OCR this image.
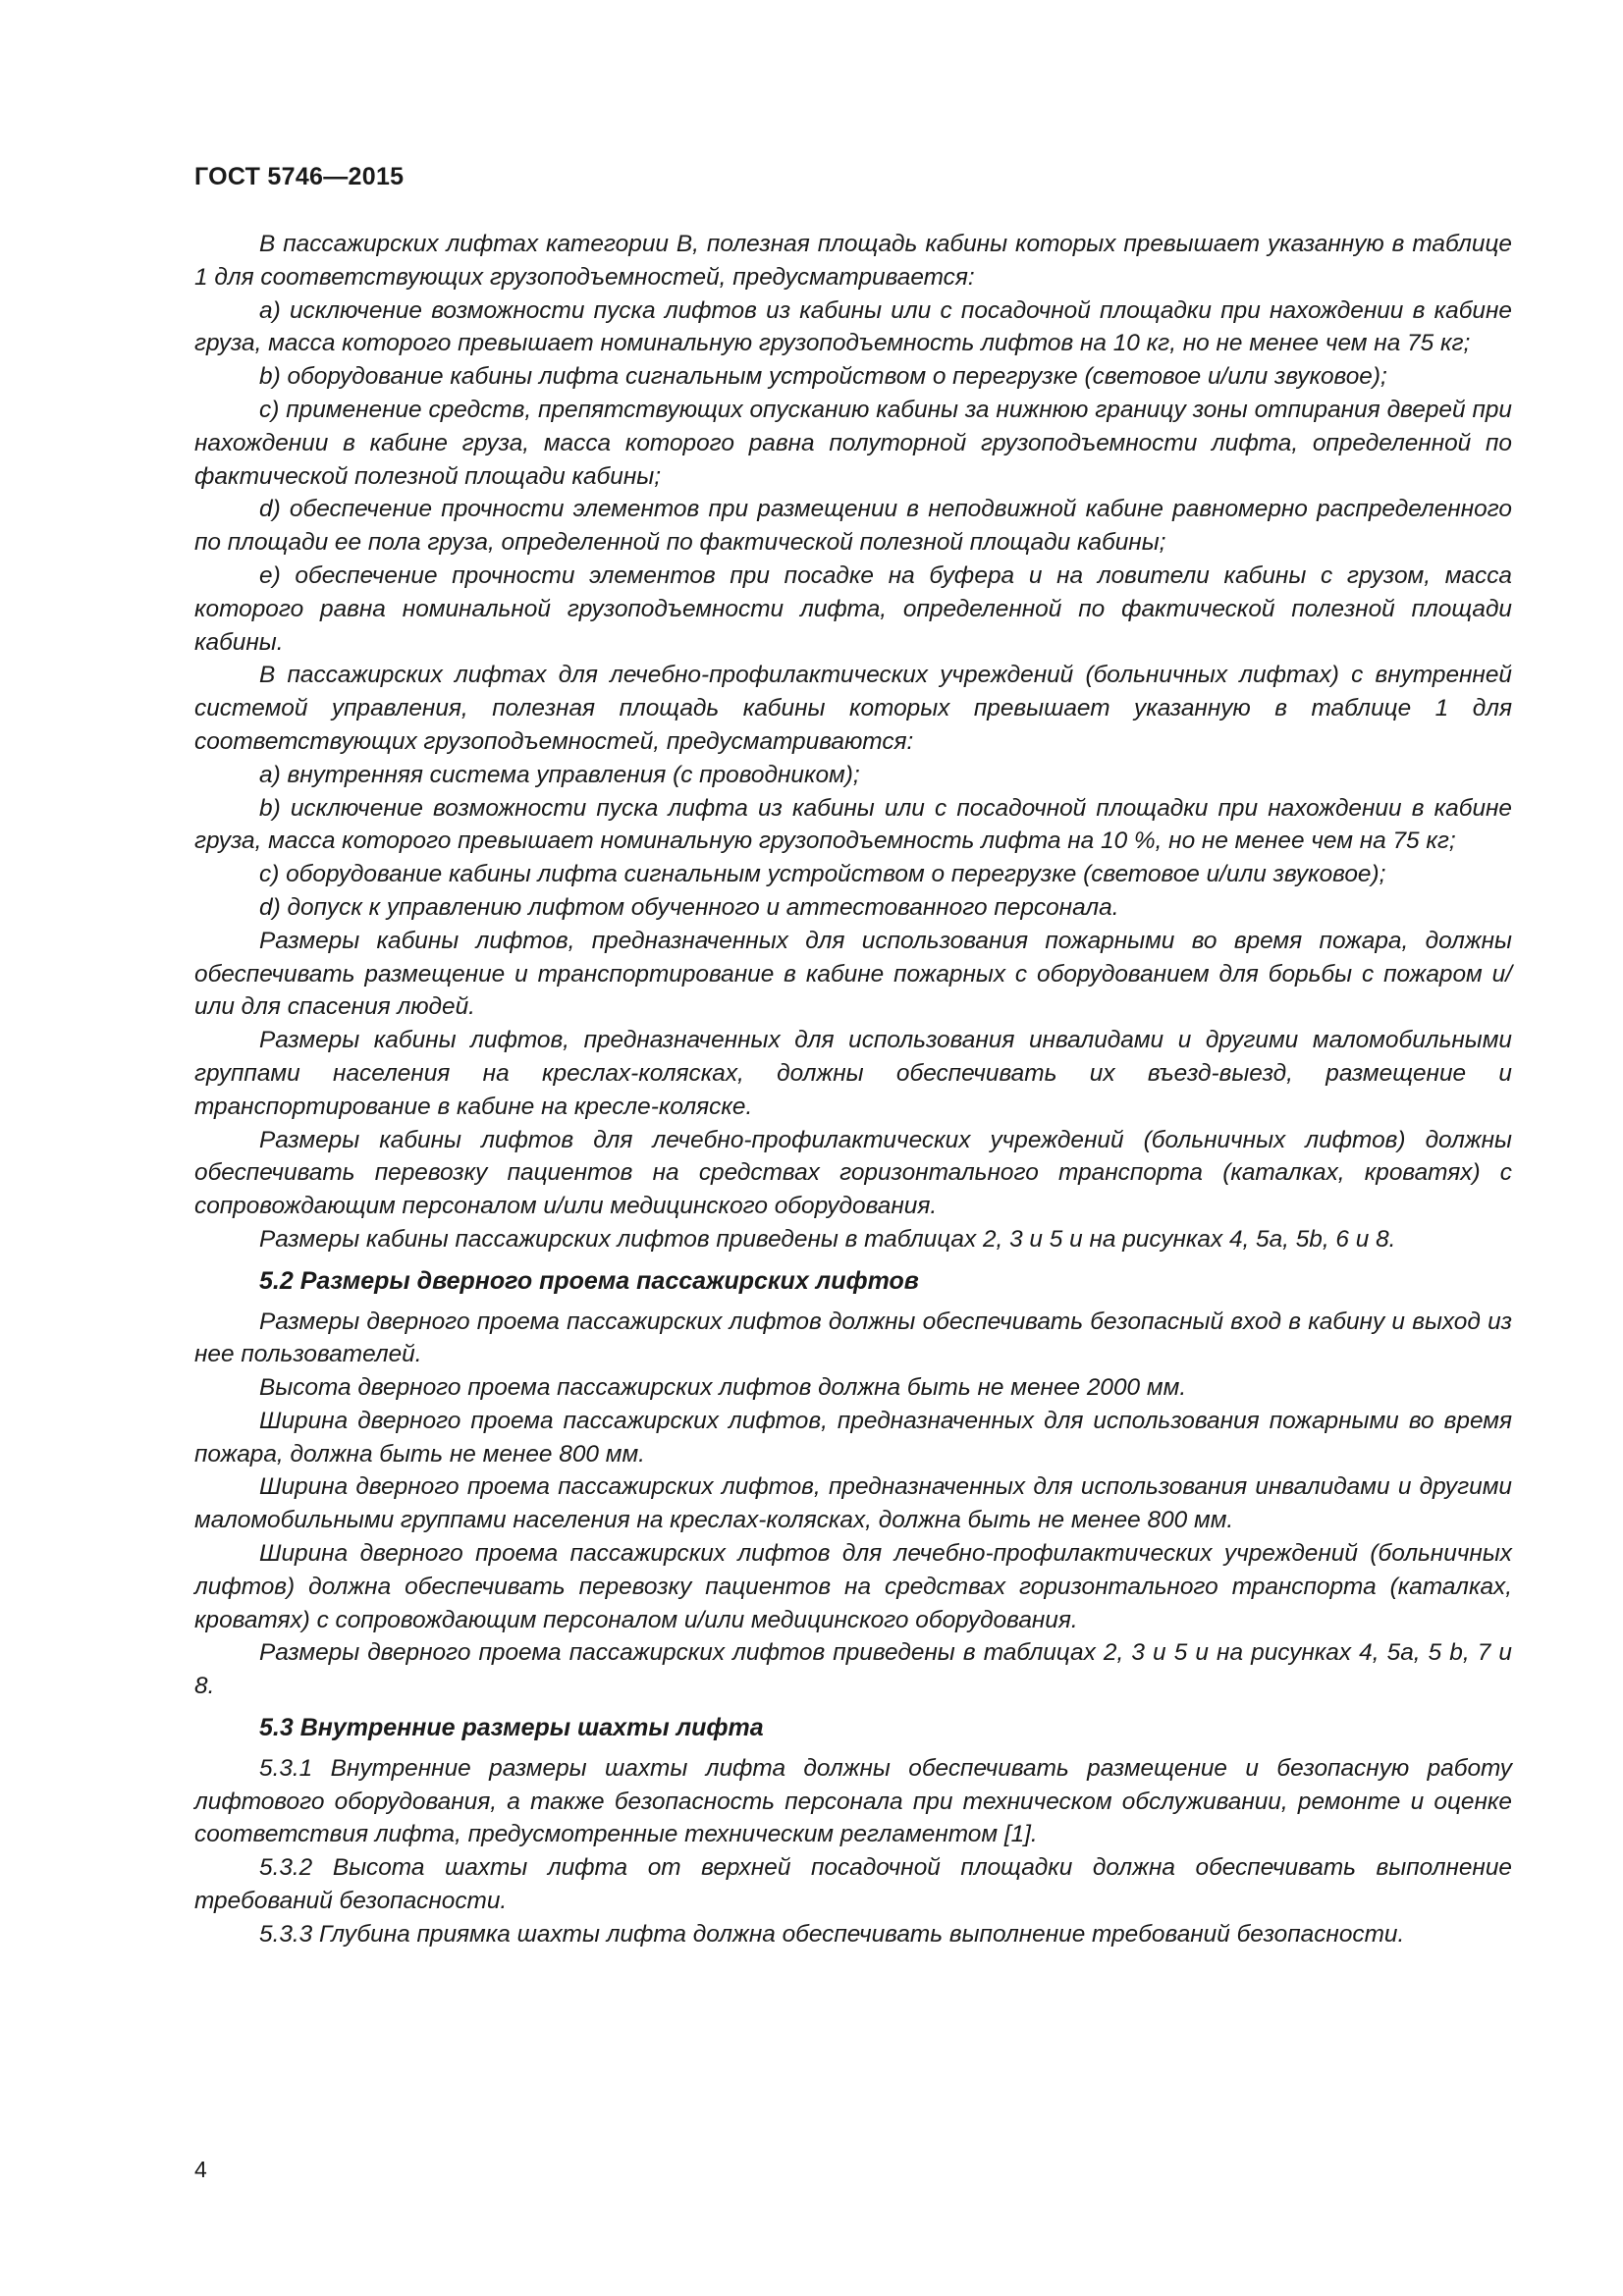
ГОСТ 5746—2015

В пассажирских лифтах категории В, полезная площадь кабины которых превышает указанную в таблице 1 для соответствующих грузоподъемностей, предусматривается:

a) исключение возможности пуска лифтов из кабины или с посадочной площадки при нахождении в кабине груза, масса которого превышает номинальную грузоподъемность лифтов на 10 кг, но не менее чем на 75 кг;

b) оборудование кабины лифта сигнальным устройством о перегрузке (световое и/или звуковое);

c) применение средств, препятствующих опусканию кабины за нижнюю границу зоны отпирания дверей при нахождении в кабине груза, масса которого равна полуторной грузоподъемности лифта, определенной по фактической полезной площади кабины;

d) обеспечение прочности элементов при размещении в неподвижной кабине равномерно распределенного по площади ее пола груза, определенной по фактической полезной площади кабины;

e) обеспечение прочности элементов при посадке на буфера и на ловители кабины с грузом, масса которого равна номинальной грузоподъемности лифта, определенной по фактической полезной площади кабины.

В пассажирских лифтах для лечебно-профилактических учреждений (больничных лифтах) с внутренней системой управления, полезная площадь кабины которых превышает указанную в таблице 1 для соответствующих грузоподъемностей, предусматриваются:

a) внутренняя система управления (с проводником);

b) исключение возможности пуска лифта из кабины или с посадочной площадки при нахождении в кабине груза, масса которого превышает номинальную грузоподъемность лифта на 10 %, но не менее чем на 75 кг;

c) оборудование кабины лифта сигнальным устройством о перегрузке (световое и/или звуковое);

d) допуск к управлению лифтом обученного и аттестованного персонала.

Размеры кабины лифтов, предназначенных для использования пожарными во время пожара, должны обеспечивать размещение и транспортирование в кабине пожарных с оборудованием для борьбы с пожаром и/или для спасения людей.

Размеры кабины лифтов, предназначенных для использования инвалидами и другими маломобильными группами населения на креслах-колясках, должны обеспечивать их въезд-выезд, размещение и транспортирование в кабине на кресле-коляске.

Размеры кабины лифтов для лечебно-профилактических учреждений (больничных лифтов) должны обеспечивать перевозку пациентов на средствах горизонтального транспорта (каталках, кроватях) с сопровождающим персоналом и/или медицинского оборудования.

Размеры кабины пассажирских лифтов приведены в таблицах 2, 3 и 5 и на рисунках 4, 5а, 5b, 6 и 8.

5.2 Размеры дверного проема пассажирских лифтов

Размеры дверного проема пассажирских лифтов должны обеспечивать безопасный вход в кабину и выход из нее пользователей.

Высота дверного проема пассажирских лифтов должна быть не менее 2000 мм.

Ширина дверного проема пассажирских лифтов, предназначенных для использования пожарными во время пожара, должна быть не менее 800 мм.

Ширина дверного проема пассажирских лифтов, предназначенных для использования инвалидами и другими маломобильными группами населения на креслах-колясках, должна быть не менее 800 мм.

Ширина дверного проема пассажирских лифтов для лечебно-профилактических учреждений (больничных лифтов) должна обеспечивать перевозку пациентов на средствах горизонтального транспорта (каталках, кроватях) с сопровождающим персоналом и/или медицинского оборудования.

Размеры дверного проема пассажирских лифтов приведены в таблицах 2, 3 и 5 и на рисунках 4, 5a, 5 b, 7 и 8.

5.3 Внутренние размеры шахты лифта

5.3.1 Внутренние размеры шахты лифта должны обеспечивать размещение и безопасную работу лифтового оборудования, а также безопасность персонала при техническом обслуживании, ремонте и оценке соответствия лифта, предусмотренные техническим регламентом [1].

5.3.2 Высота шахты лифта от верхней посадочной площадки должна обеспечивать выполнение требований безопасности.

5.3.3 Глубина приямка шахты лифта должна обеспечивать выполнение требований безопасности.

4
